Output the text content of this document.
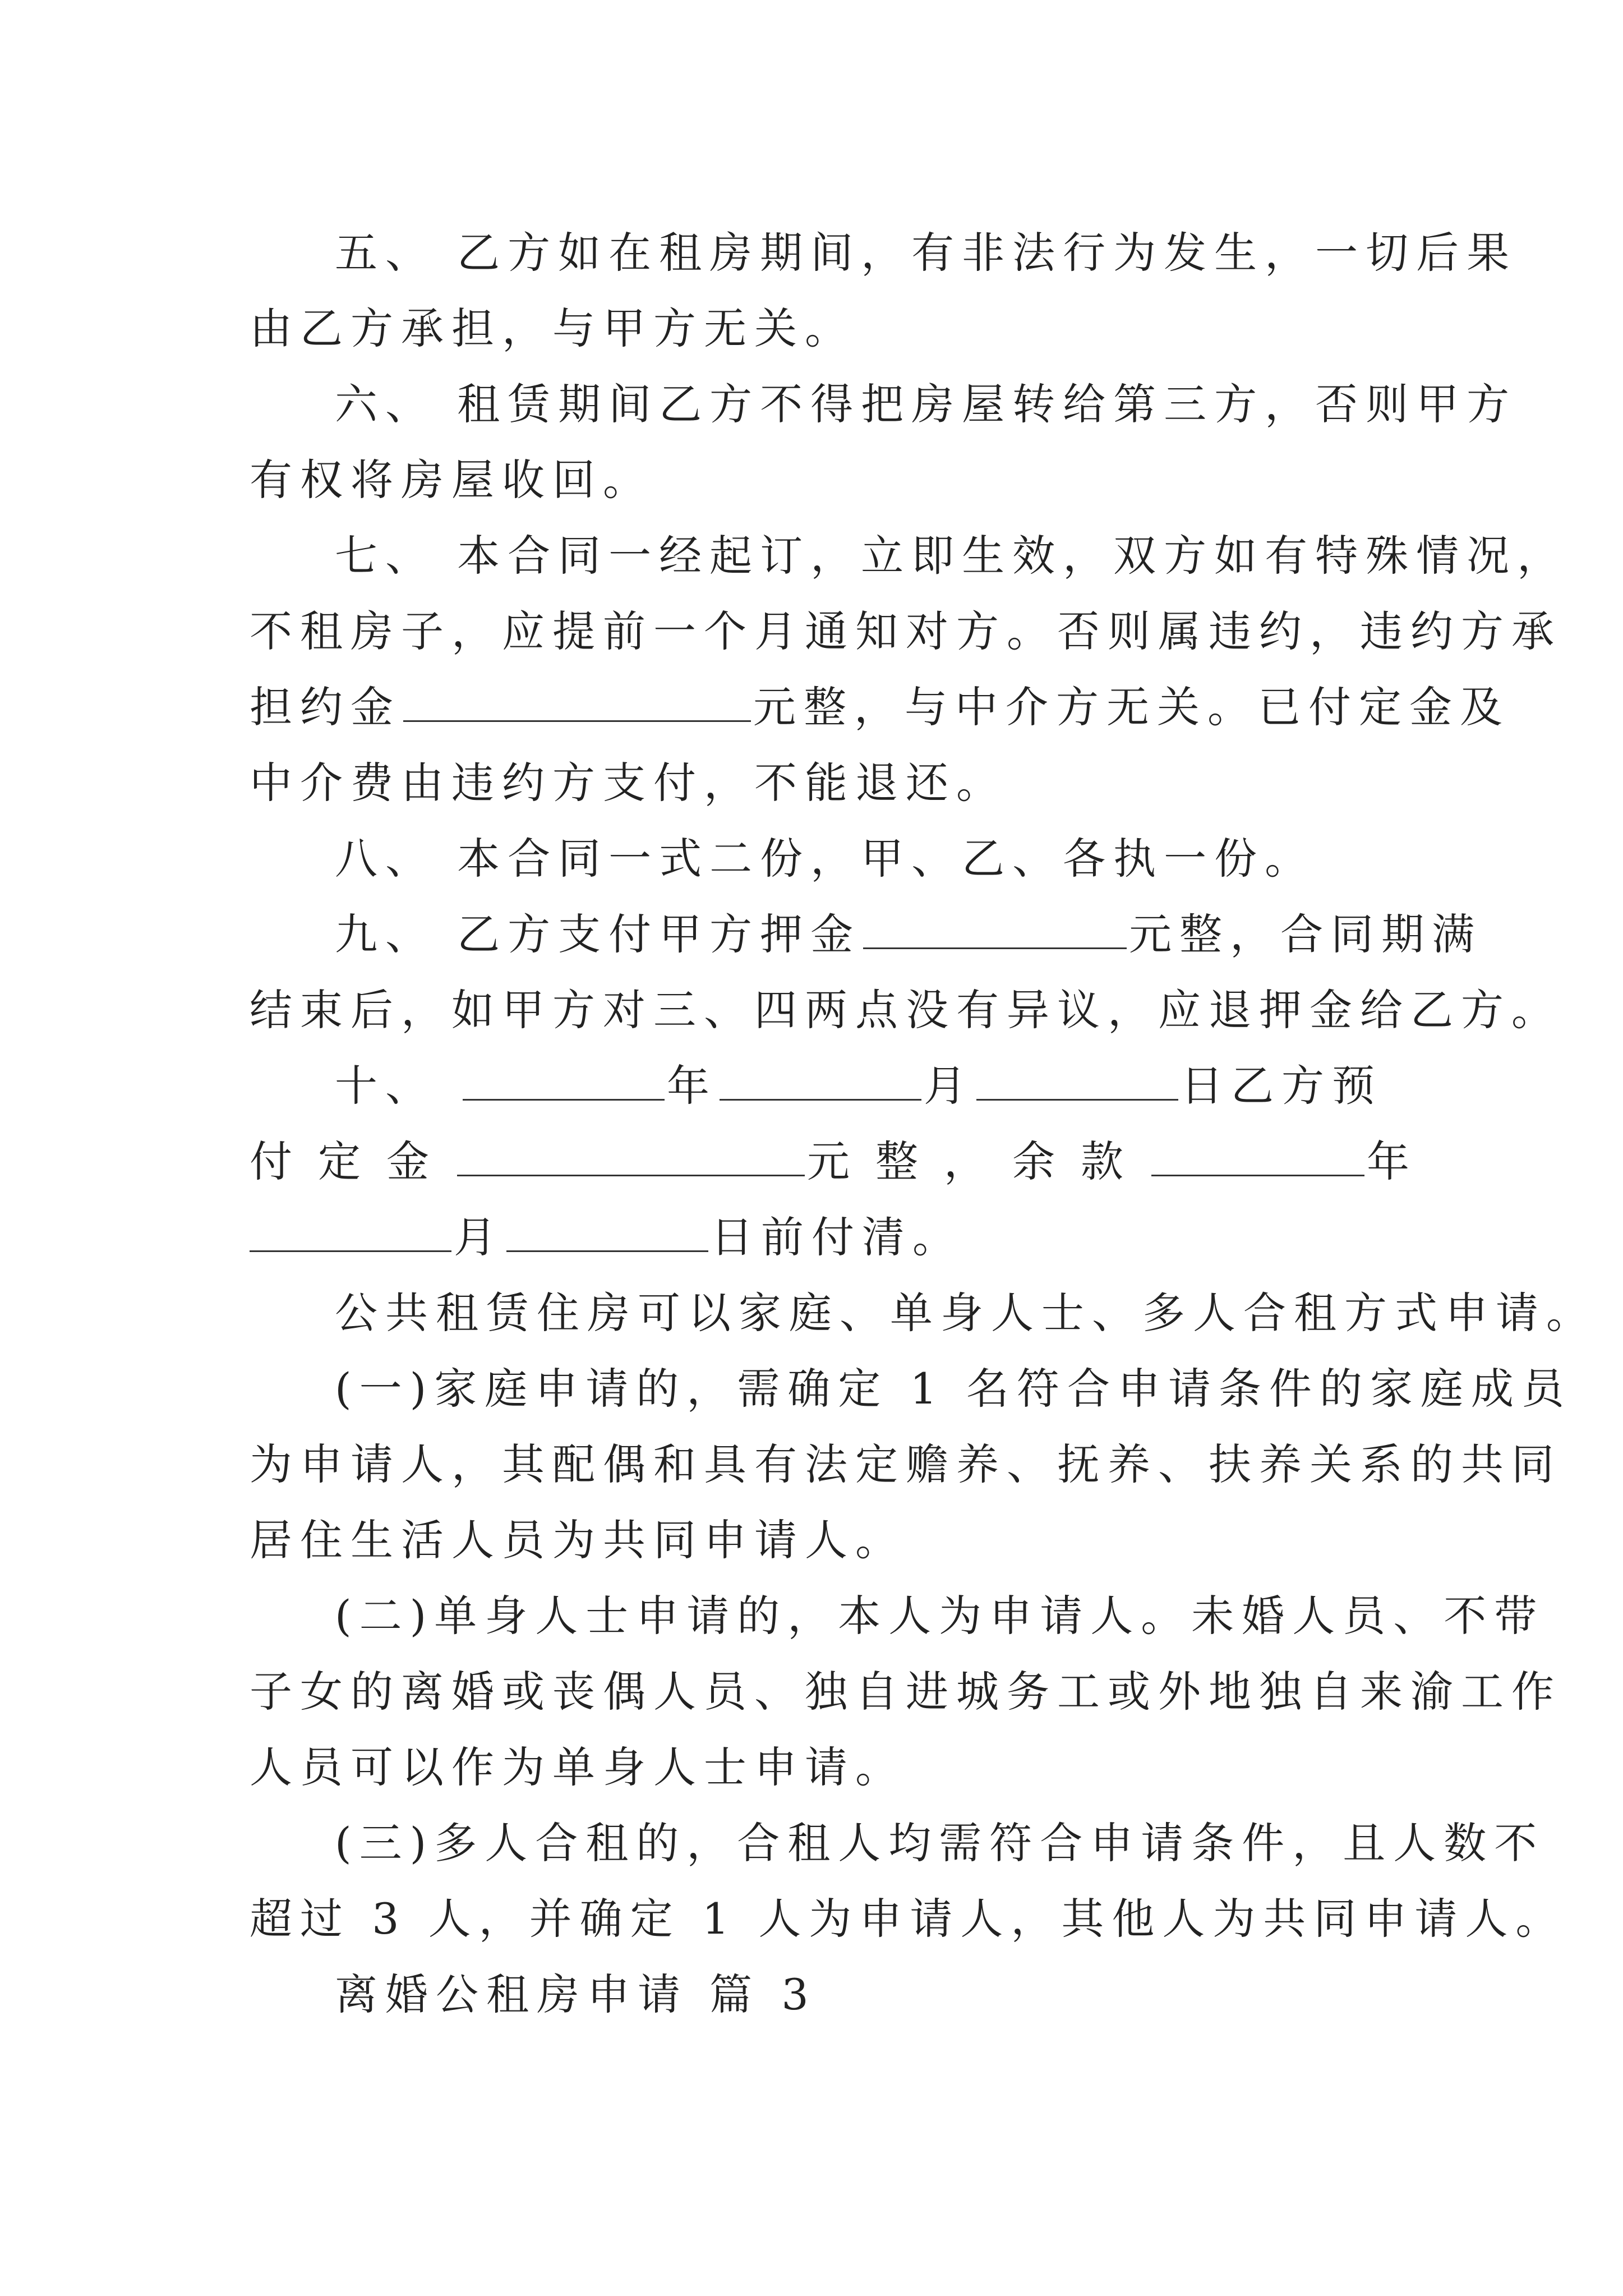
五、 乙方如在租房期间，有非法行为发生，一切后果
由乙方承担，与甲方无关。
六、 租赁期间乙方不得把房屋转给第三方，否则甲方
有权将房屋收回。
七、 本合同一经起订，立即生效，双方如有特殊情况，
不租房子，应提前一个月通知对方。否则属违约，违约方承
担约金	元整，与中介方无关。已付定金及
中介费由违约方支付，不能退还。
八、 本合同一式二份，甲、乙、各执一份。
九、 乙方支付甲方押金	元整，合同期满
结束后，如甲方对三、四两点没有异议，应退押金给乙方。
十、	年	月	日乙方预
付定金	元整，余款	年
月	日前付清。
公共租赁住房可以家庭、单身人士、多人合租方式申请。
(一)家庭申请的，需确定 1 名符合申请条件的家庭成员
为申请人，其配偶和具有法定赡养、抚养、扶养关系的共同
居住生活人员为共同申请人。
(二)单身人士申请的，本人为申请人。未婚人员、不带
子女的离婚或丧偶人员、独自进城务工或外地独自来渝工作
人员可以作为单身人士申请。
(三)多人合租的，合租人均需符合申请条件，且人数不
超过 3 人，并确定 1 人为申请人，其他人为共同申请人。
离婚公租房申请 篇 3
